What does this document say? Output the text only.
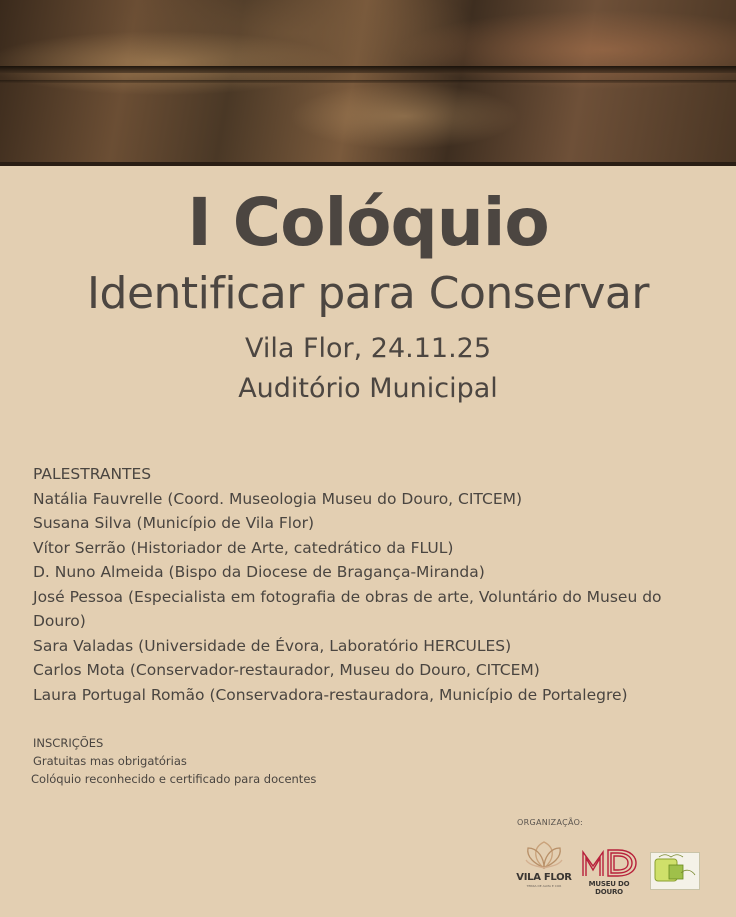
I Colóquio
Identificar para Conservar
Vila Flor, 24.11.25
Auditório Municipal
PALESTRANTES
Natália Fauvrelle (Coord. Museologia Museu do Douro, CITCEM)
Susana Silva (Município de Vila Flor)
Vítor Serrão (Historiador de Arte, catedrático da FLUL)
D. Nuno Almeida (Bispo da Diocese de Bragança-Miranda)
José Pessoa (Especialista em fotografia de obras de arte, Voluntário do Museu do
Douro)
Sara Valadas (Universidade de Évora, Laboratório HERCULES)
Carlos Mota (Conservador-restaurador, Museu do Douro, CITCEM)
Laura Portugal Romão (Conservadora-restauradora, Município de Portalegre)
INSCRIÇÕES
Gratuitas mas obrigatórias
Colóquio reconhecido e certificado para docentes
ORGANIZAÇÃO:
VILA FLOR
TERRA DE ALMA E COR	MUSEU DO DOURO
